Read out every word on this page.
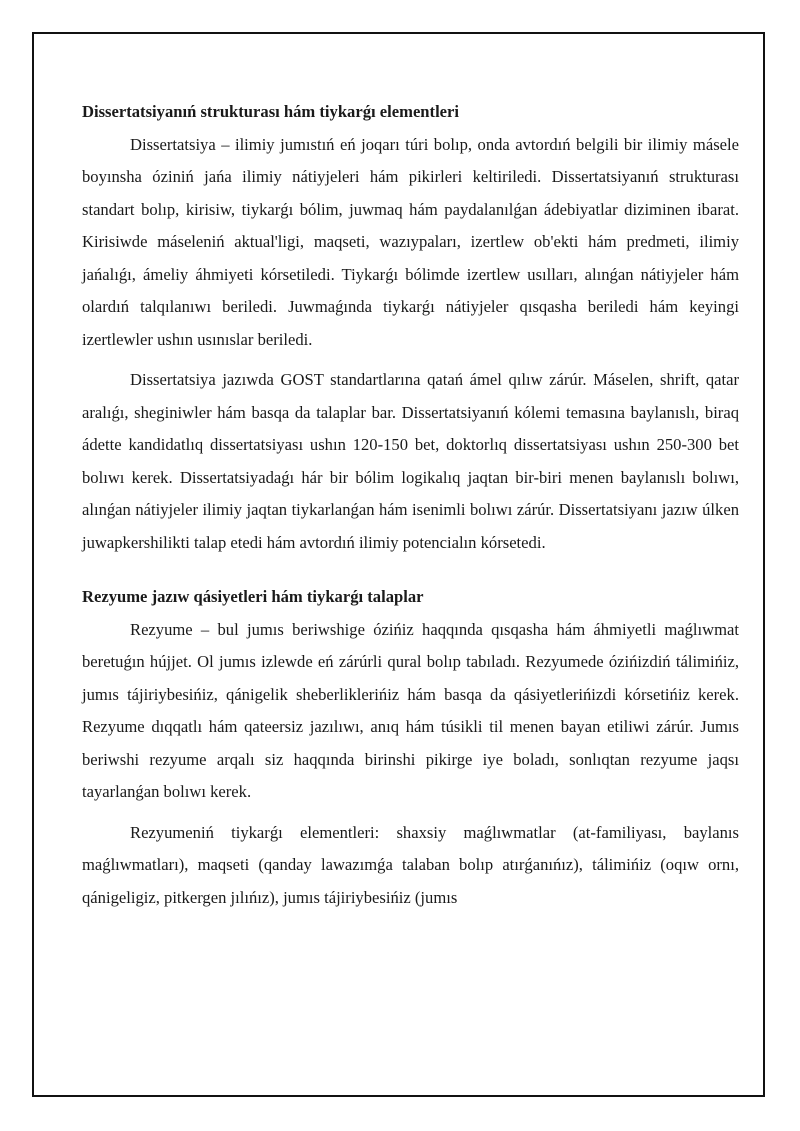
Dissertatsiyanıń strukturası hám tiykarǵı elementleri

Dissertatsiya – ilimiy jumıstıń eń joqarı túri bolıp, onda avtordıń belgili bir ilimiy másele boyınsha óziniń jańa ilimiy nátiyjeleri hám pikirleri keltiriledi. Dissertatsiyanıń strukturası standart bolıp, kirisiw, tiykarǵı bólim, juwmaq hám paydalanılǵan ádebiyatlar diziminen ibarat. Kirisiwde máseleniń aktual'ligi, maqseti, wazıypaları, izertlew ob'ekti hám predmeti, ilimiy jańalıǵı, ámeliy áhmiyeti kórsetiledi. Tiykarǵı bólimde izertlew usılları, alınǵan nátiyjeler hám olardıń talqılanıwı beriledi. Juwmaǵında tiykarǵı nátiyjeler qısqasha beriledi hám keyingi izertlewler ushın usınıslar beriledi.

Dissertatsiya jazıwda GOST standartlarına qatań ámel qılıw zárúr. Máselen, shrift, qatar aralıǵı, sheginiwler hám basqa da talaplar bar. Dissertatsiyanıń kólemi temasına baylanıslı, biraq ádette kandidatlıq dissertatsiyası ushın 120-150 bet, doktorlıq dissertatsiyası ushın 250-300 bet bolıwı kerek. Dissertatsiyadaǵı hár bir bólim logikalıq jaqtan bir-biri menen baylanıslı bolıwı, alınǵan nátiyjeler ilimiy jaqtan tiykarlanǵan hám isenimli bolıwı zárúr. Dissertatsiyanı jazıw úlken juwapkershilikti talap etedi hám avtordıń ilimiy potencialın kórsetedi.

Rezyume jazıw qásiyetleri hám tiykarǵı talaplar

Rezyume – bul jumıs beriwshige ózińiz haqqında qısqasha hám áhmiyetli maǵlıwmat beretuǵın hújjet. Ol jumıs izlewde eń zárúrli qural bolıp tabıladı. Rezyumede ózińizdiń tálimińiz, jumıs tájiriybesińiz, qánigelik sheberliklerińiz hám basqa da qásiyetlerińizdi kórsetińiz kerek. Rezyume dıqqatlı hám qateersiz jazılıwı, anıq hám túsikli til menen bayan etiliwi zárúr. Jumıs beriwshi rezyume arqalı siz haqqında birinshi pikirge iye boladı, sonlıqtan rezyume jaqsı tayarlanǵan bolıwı kerek.

Rezyumeniń tiykarǵı elementleri: shaxsiy maǵlıwmatlar (at-familiyası, baylanıs maǵlıwmatları), maqseti (qanday lawazımǵa talaban bolıp atırǵanıńız), tálimińiz (oqıw ornı, qánigeligiz, pitkergen jılıńız), jumıs tájiriybesińiz (jumıs
